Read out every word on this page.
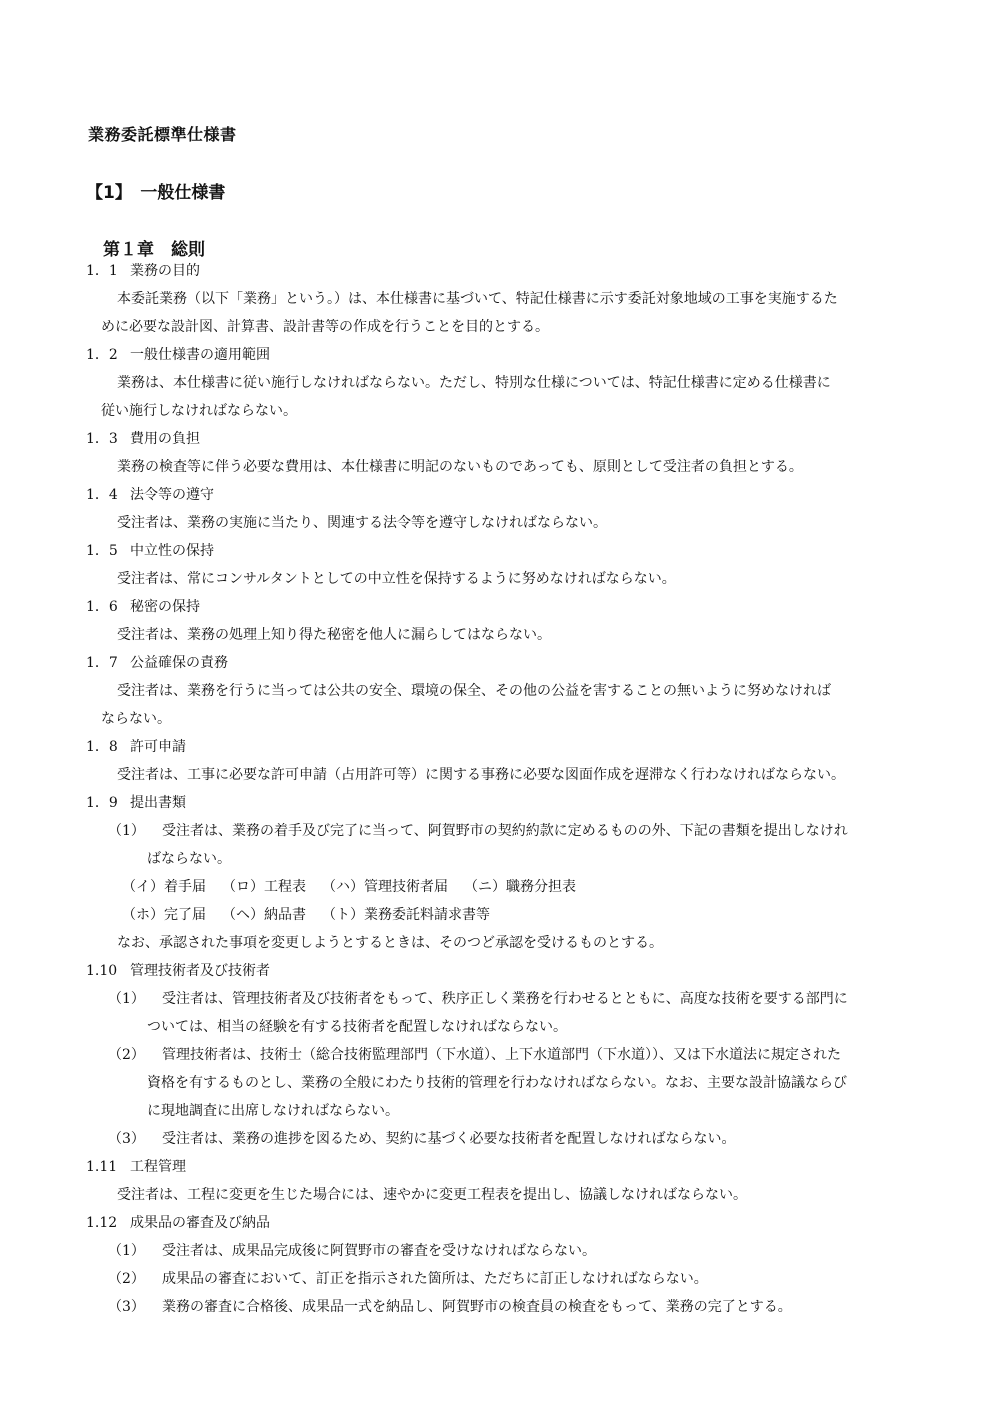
業務委託標準仕様書
【1】　一般仕様書
第１章　総則
1．1 業務の目的
本委託業務（以下「業務」という。）は、本仕様書に基づいて、特記仕様書に示す委託対象地域の工事を実施するた
めに必要な設計図、計算書、設計書等の作成を行うことを目的とする。
1．2 一般仕様書の適用範囲
業務は、本仕様書に従い施行しなければならない。ただし、特別な仕様については、特記仕様書に定める仕様書に
従い施行しなければならない。
1．3 費用の負担
業務の検査等に伴う必要な費用は、本仕様書に明記のないものであっても、原則として受注者の負担とする。
1．4 法令等の遵守
受注者は、業務の実施に当たり、関連する法令等を遵守しなければならない。
1．5 中立性の保持
受注者は、常にコンサルタントとしての中立性を保持するように努めなければならない。
1．6 秘密の保持
受注者は、業務の処理上知り得た秘密を他人に漏らしてはならない。
1．7 公益確保の責務
受注者は、業務を行うに当っては公共の安全、環境の保全、その他の公益を害することの無いように努めなければ
ならない。
1．8 許可申請
受注者は、工事に必要な許可申請（占用許可等）に関する事務に必要な図面作成を遅滞なく行わなければならない。
1．9 提出書類
（1） 受注者は、業務の着手及び完了に当って、阿賀野市の契約約款に定めるものの外、下記の書類を提出しなけれ
ばならない。
（イ）着手届 （ロ）工程表 （ハ）管理技術者届 （ニ）職務分担表
（ホ）完了届 （ヘ）納品書 （ト）業務委託料請求書等
なお、承認された事項を変更しようとするときは、そのつど承認を受けるものとする。
1.10 管理技術者及び技術者
（1） 受注者は、管理技術者及び技術者をもって、秩序正しく業務を行わせるとともに、高度な技術を要する部門に
ついては、相当の経験を有する技術者を配置しなければならない。
（2） 管理技術者は、技術士（総合技術監理部門（下水道）、上下水道部門（下水道））、又は下水道法に規定された
資格を有するものとし、業務の全般にわたり技術的管理を行わなければならない。なお、主要な設計協議ならび
に現地調査に出席しなければならない。
（3） 受注者は、業務の進捗を図るため、契約に基づく必要な技術者を配置しなければならない。
1.11 工程管理
受注者は、工程に変更を生じた場合には、速やかに変更工程表を提出し、協議しなければならない。
1.12 成果品の審査及び納品
（1） 受注者は、成果品完成後に阿賀野市の審査を受けなければならない。
（2） 成果品の審査において、訂正を指示された箇所は、ただちに訂正しなければならない。
（3） 業務の審査に合格後、成果品一式を納品し、阿賀野市の検査員の検査をもって、業務の完了とする。
